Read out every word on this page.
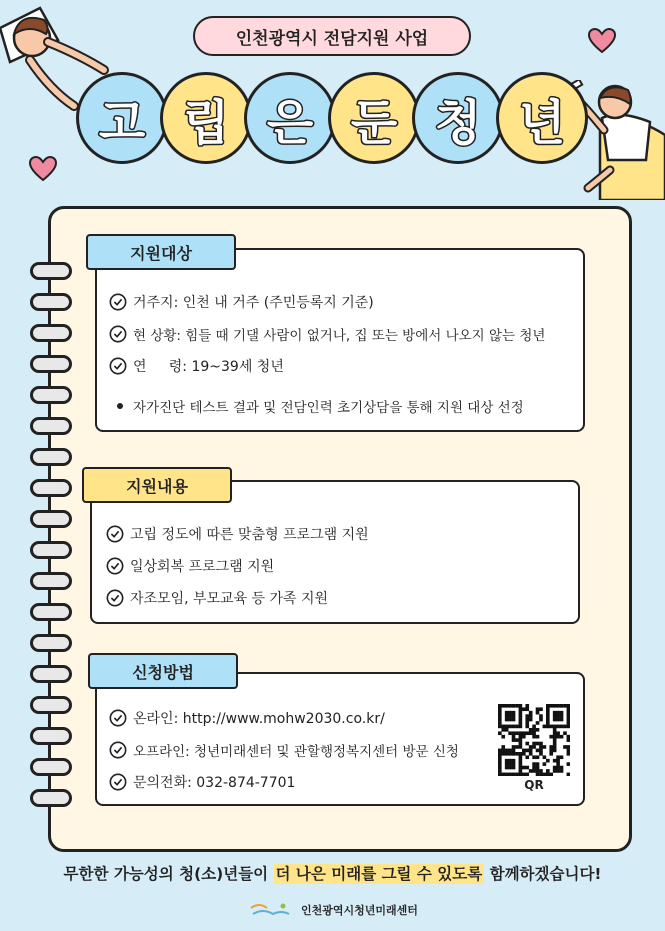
인천광역시 전담지원 사업
고 립 은 둔 청 년
지원대상
거주지: 인천 내 거주 (주민등록지 기준)
현 상황: 힘들 때 기댈 사람이 없거나, 집 또는 방에서 나오지 않는 청년
연     령: 19~39세 청년
자가진단 테스트 결과 및 전담인력 초기상담을 통해 지원 대상 선정
지원내용
고립 정도에 따른 맞춤형 프로그램 지원
일상회복 프로그램 지원
자조모임, 부모교육 등 가족 지원
신청방법
온라인: http://www.mohw2030.co.kr/
오프라인: 청년미래센터 및 관할행정복지센터 방문 신청
문의전화: 032-874-7701	QR
무한한 가능성의 청(소)년들이 더 나은 미래를 그릴 수 있도록 함께하겠습니다!
인천광역시청년미래센터
